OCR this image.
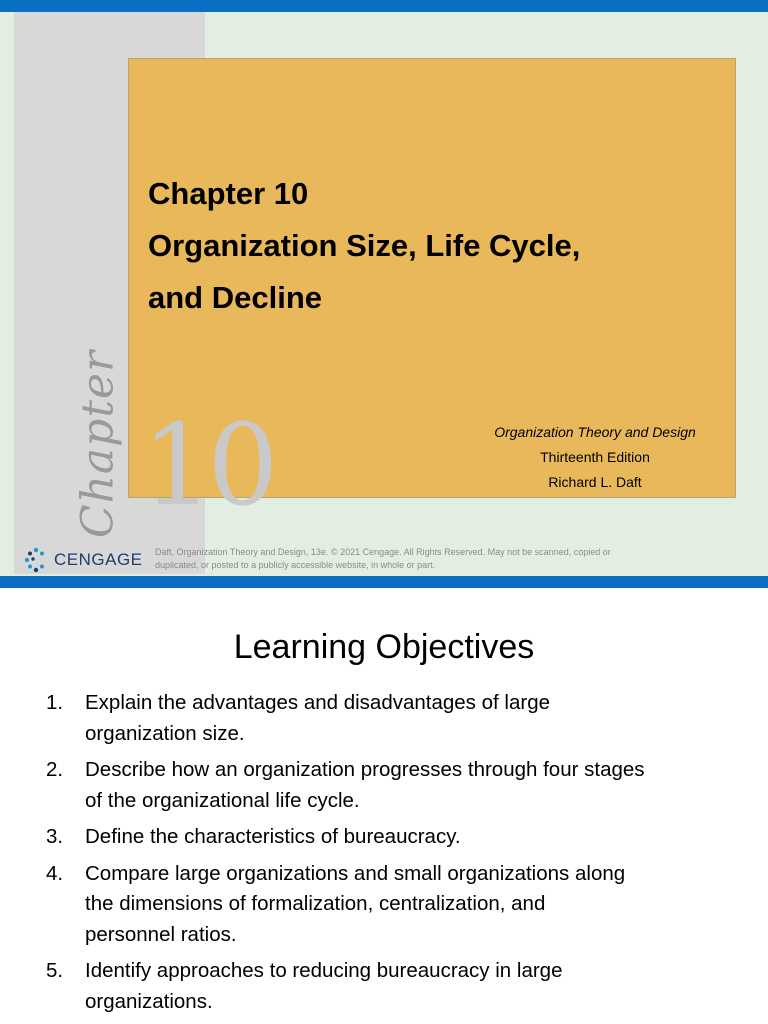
Chapter 10
Chapter 10
Organization Size, Life Cycle,
and Decline
Organization Theory and Design
Thirteenth Edition
Richard L. Daft
CENGAGE Daft, Organization Theory and Design, 13e. © 2021 Cengage. All Rights Reserved. May not be scanned, copied or
duplicated, or posted to a publicly accessible website, in whole or part.
Learning Objectives
1.	Explain the advantages and disadvantages of large
organization size.
2.	Describe how an organization progresses through four stages
of the organizational life cycle.
3.	Define the characteristics of bureaucracy.
4.	Compare large organizations and small organizations along
the dimensions of formalization, centralization, and
personnel ratios.
5.	Identify approaches to reducing bureaucracy in large
organizations.
